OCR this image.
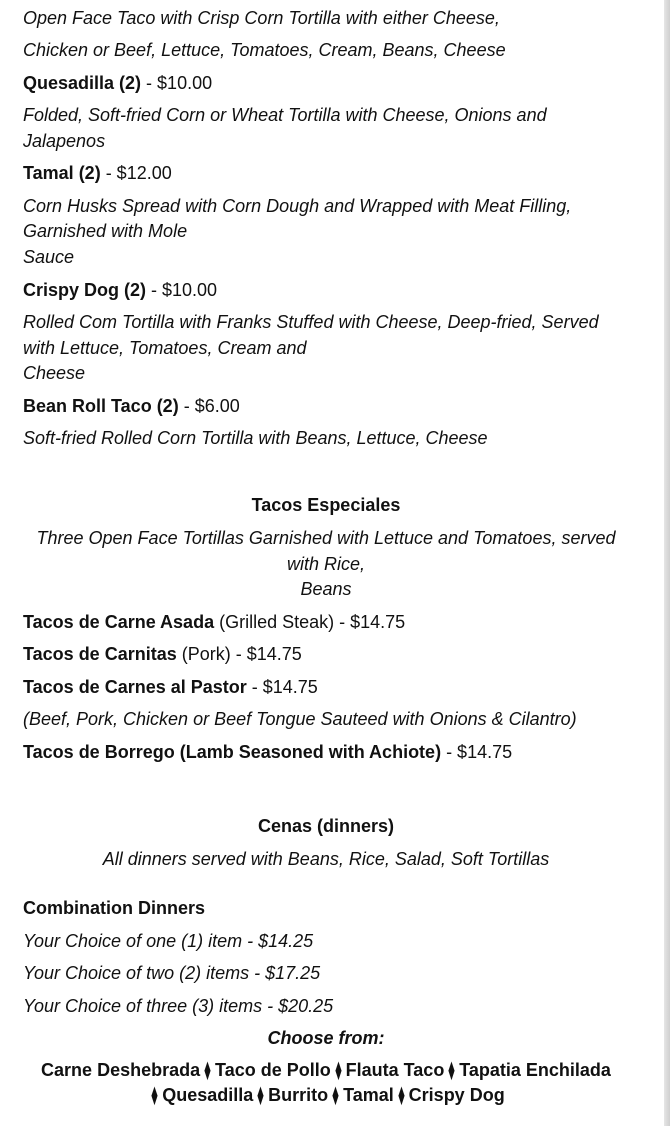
Open Face Taco with Crisp Corn Tortilla with either Cheese,
Chicken or Beef, Lettuce, Tomatoes, Cream, Beans, Cheese
Quesadilla (2) - $10.00
Folded, Soft-fried Corn or Wheat Tortilla with Cheese, Onions and
Jalapenos
Tamal (2) - $12.00
Corn Husks Spread with Corn Dough and Wrapped with Meat Filling,
Garnished with Mole
Sauce
Crispy Dog (2) - $10.00
Rolled Com Tortilla with Franks Stuffed with Cheese, Deep-fried, Served
with Lettuce, Tomatoes, Cream and
Cheese
Bean Roll Taco (2) - $6.00
Soft-fried Rolled Corn Tortilla with Beans, Lettuce, Cheese
Tacos Especiales
Three Open Face Tortillas Garnished with Lettuce and Tomatoes, served
with Rice,
Beans
Tacos de Carne Asada (Grilled Steak) - $14.75
Tacos de Carnitas (Pork) - $14.75
Tacos de Carnes al Pastor - $14.75
(Beef, Pork, Chicken or Beef Tongue Sauteed with Onions & Cilantro)
Tacos de Borrego (Lamb Seasoned with Achiote) - $14.75
Cenas (dinners)
All dinners served with Beans, Rice, Salad, Soft Tortillas
Combination Dinners
Your Choice of one (1) item - $14.25
Your Choice of two (2) items - $17.25
Your Choice of three (3) items - $20.25
Choose from:
Carne Deshebrada ⧫ Taco de Pollo ⧫ Flauta Taco ⧫ Tapatia Enchilada
⧫ Quesadilla ⧫ Burrito ⧫ Tamal ⧫ Crispy Dog
